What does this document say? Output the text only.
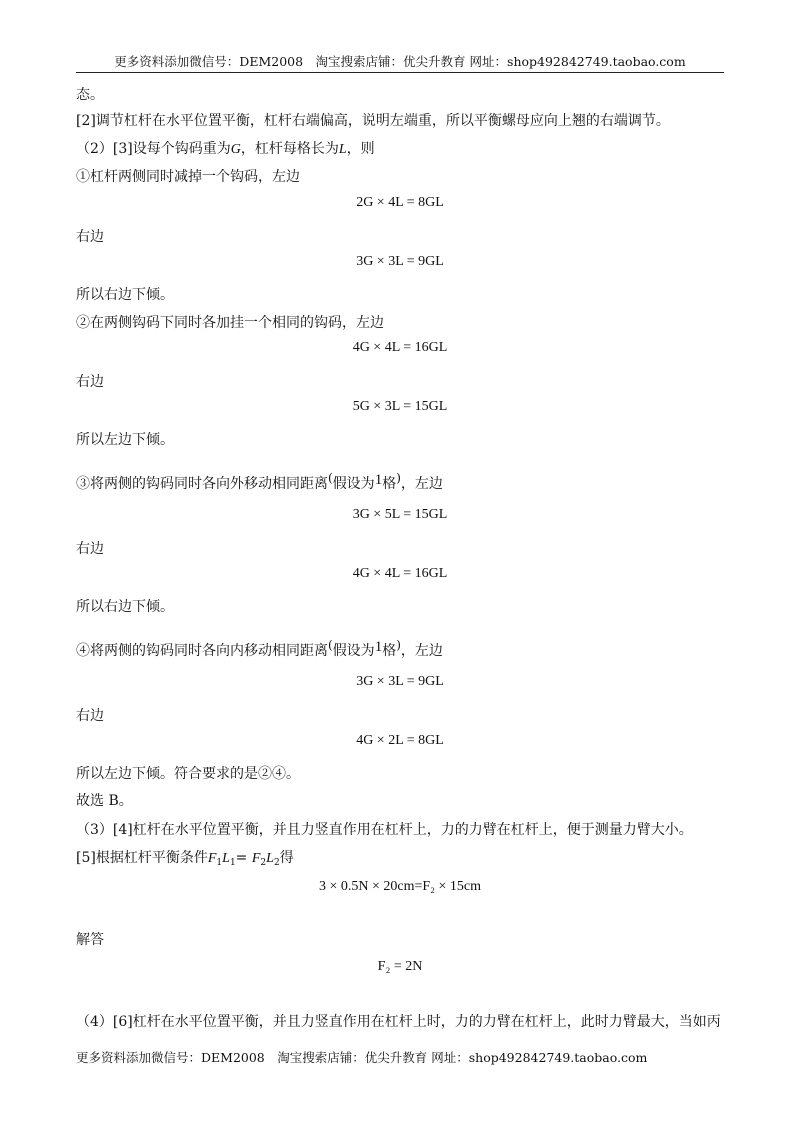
更多资料添加微信号：DEM2008　淘宝搜索店铺：优尖升教育 网址：shop492842749.taobao.com
态。
[2]调节杠杆在水平位置平衡，杠杆右端偏高，说明左端重，所以平衡螺母应向上翘的右端调节。
（2）[3]设每个钩码重为G，杠杆每格长为L，则
①杠杆两侧同时减掉一个钩码，左边
2G × 4L = 8GL
右边
3G × 3L = 9GL
所以右边下倾。
②在两侧钩码下同时各加挂一个相同的钩码，左边
4G × 4L = 16GL
右边
5G × 3L = 15GL
所以左边下倾。
③将两侧的钩码同时各向外移动相同距离(假设为1格)，左边
3G × 5L = 15GL
右边
4G × 4L = 16GL
所以右边下倾。
④将两侧的钩码同时各向内移动相同距离(假设为1格)，左边
3G × 3L = 9GL
右边
4G × 2L = 8GL
所以左边下倾。符合要求的是②④。
故选 B。
（3）[4]杠杆在水平位置平衡，并且力竖直作用在杠杆上，力的力臂在杠杆上，便于测量力臂大小。
[5]根据杠杆平衡条件$F_1L_1= F_2L_2$得
3 × 0.5N × 20cm=F₂ × 15cm
解答
F₂ = 2N
（4）[6]杠杆在水平位置平衡，并且力竖直作用在杠杆上时，力的力臂在杠杆上，此时力臂最大，当如丙
更多资料添加微信号：DEM2008　淘宝搜索店铺：优尖升教育 网址：shop492842749.taobao.com
